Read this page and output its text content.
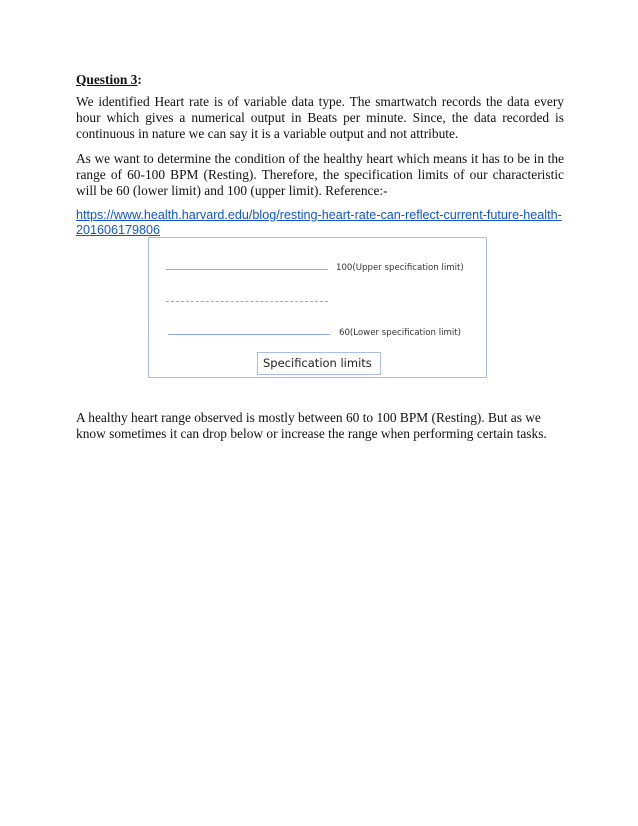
Question 3:

We identified Heart rate is of variable data type. The smartwatch records the data every hour which gives a numerical output in Beats per minute. Since, the data recorded is continuous in nature we can say it is a variable output and not attribute.

As we want to determine the condition of the healthy heart which means it has to be in the range of 60-100 BPM (Resting). Therefore, the specification limits of our characteristic will be 60 (lower limit) and 100 (upper limit). Reference:-

https://www.health.harvard.edu/blog/resting-heart-rate-can-reflect-current-future-health-201606179806
100(Upper specification limit)
60(Lower specification limit)
Specification limits
A healthy heart range observed is mostly between 60 to 100 BPM (Resting). But as we know sometimes it can drop below or increase the range when performing certain tasks.
